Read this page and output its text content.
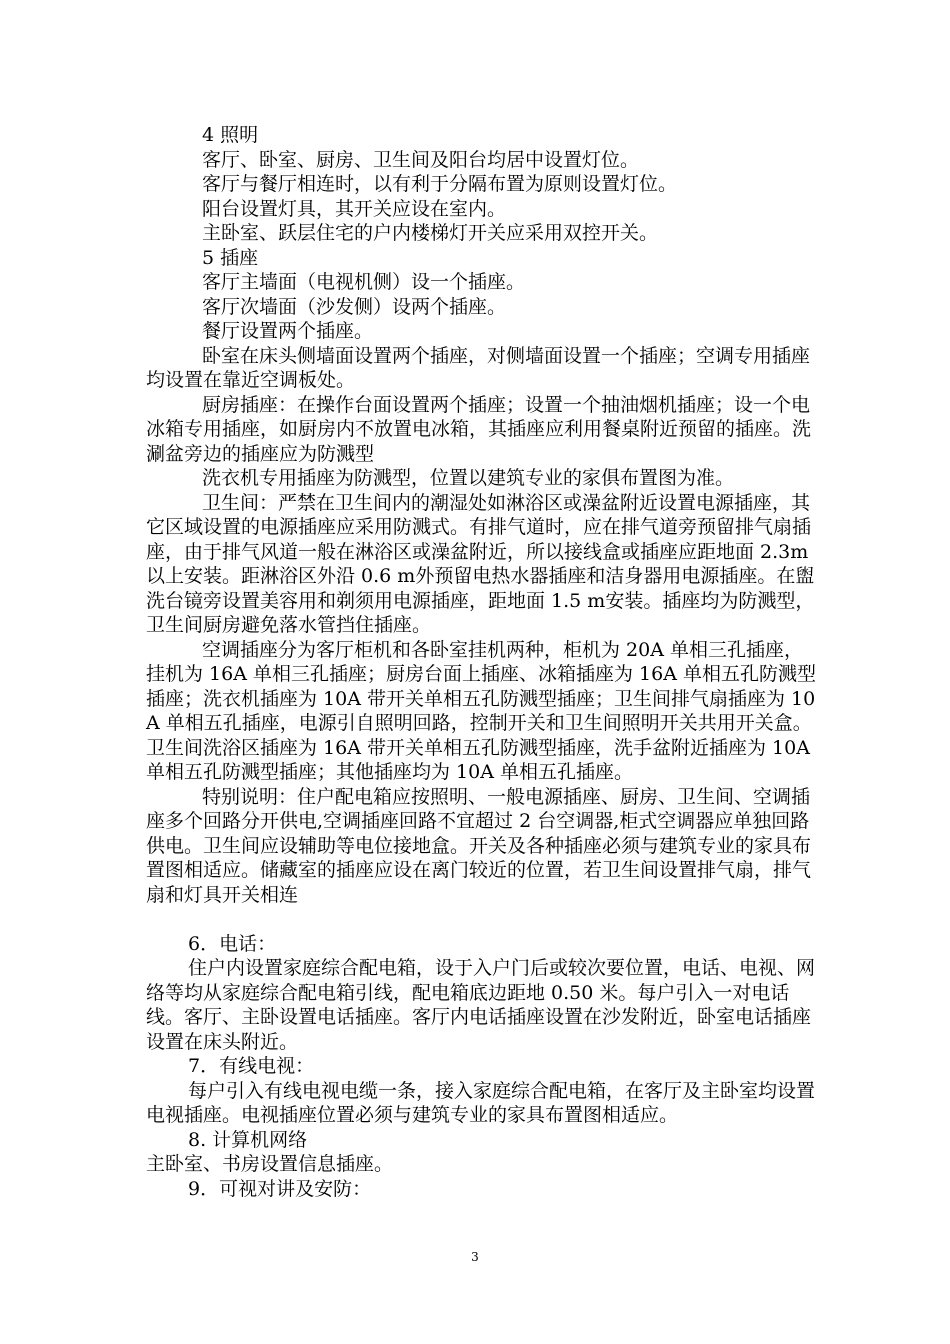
4 照明

客厅、卧室、厨房、卫生间及阳台均居中设置灯位。

客厅与餐厅相连时，以有利于分隔布置为原则设置灯位。

阳台设置灯具，其开关应设在室内。

主卧室、跃层住宅的户内楼梯灯开关应采用双控开关。

5 插座

客厅主墙面（电视机侧）设一个插座。

客厅次墙面（沙发侧）设两个插座。

餐厅设置两个插座。

卧室在床头侧墙面设置两个插座，对侧墙面设置一个插座；空调专用插座均设置在靠近空调板处。

厨房插座：在操作台面设置两个插座；设置一个抽油烟机插座；设一个电冰箱专用插座，如厨房内不放置电冰箱，其插座应利用餐桌附近预留的插座。洗涮盆旁边的插座应为防溅型

洗衣机专用插座为防溅型，位置以建筑专业的家俱布置图为准。

卫生间：严禁在卫生间内的潮湿处如淋浴区或澡盆附近设置电源插座，其它区域设置的电源插座应采用防溅式。有排气道时，应在排气道旁预留排气扇插座，由于排气风道一般在淋浴区或澡盆附近，所以接线盒或插座应距地面 2.3m 以上安装。距淋浴区外沿 0.6 m外预留电热水器插座和洁身器用电源插座。在盥洗台镜旁设置美容用和剃须用电源插座，距地面 1.5 m安装。插座均为防溅型，卫生间厨房避免落水管挡住插座。

空调插座分为客厅柜机和各卧室挂机两种，柜机为 20A 单相三孔插座，挂机为 16A 单相三孔插座；厨房台面上插座、冰箱插座为 16A 单相五孔防溅型插座；洗衣机插座为 10A 带开关单相五孔防溅型插座；卫生间排气扇插座为 10A 单相五孔插座，电源引自照明回路，控制开关和卫生间照明开关共用开关盒。卫生间洗浴区插座为 16A 带开关单相五孔防溅型插座，洗手盆附近插座为 10A 单相五孔防溅型插座；其他插座均为 10A 单相五孔插座。

特别说明：住户配电箱应按照明、一般电源插座、厨房、卫生间、空调插座多个回路分开供电,空调插座回路不宜超过 2 台空调器,柜式空调器应单独回路供电。卫生间应设辅助等电位接地盒。开关及各种插座必须与建筑专业的家具布置图相适应。储藏室的插座应设在离门较近的位置，若卫生间设置排气扇，排气扇和灯具开关相连

6．电话：

住户内设置家庭综合配电箱，设于入户门后或较次要位置，电话、电视、网络等均从家庭综合配电箱引线，配电箱底边距地 0.50 米。每户引入一对电话线。客厅、主卧设置电话插座。客厅内电话插座设置在沙发附近，卧室电话插座设置在床头附近。

7．有线电视：

每户引入有线电视电缆一条，接入家庭综合配电箱，在客厅及主卧室均设置电视插座。电视插座位置必须与建筑专业的家具布置图相适应。

8. 计算机网络

主卧室、书房设置信息插座。

9．可视对讲及安防：

3
